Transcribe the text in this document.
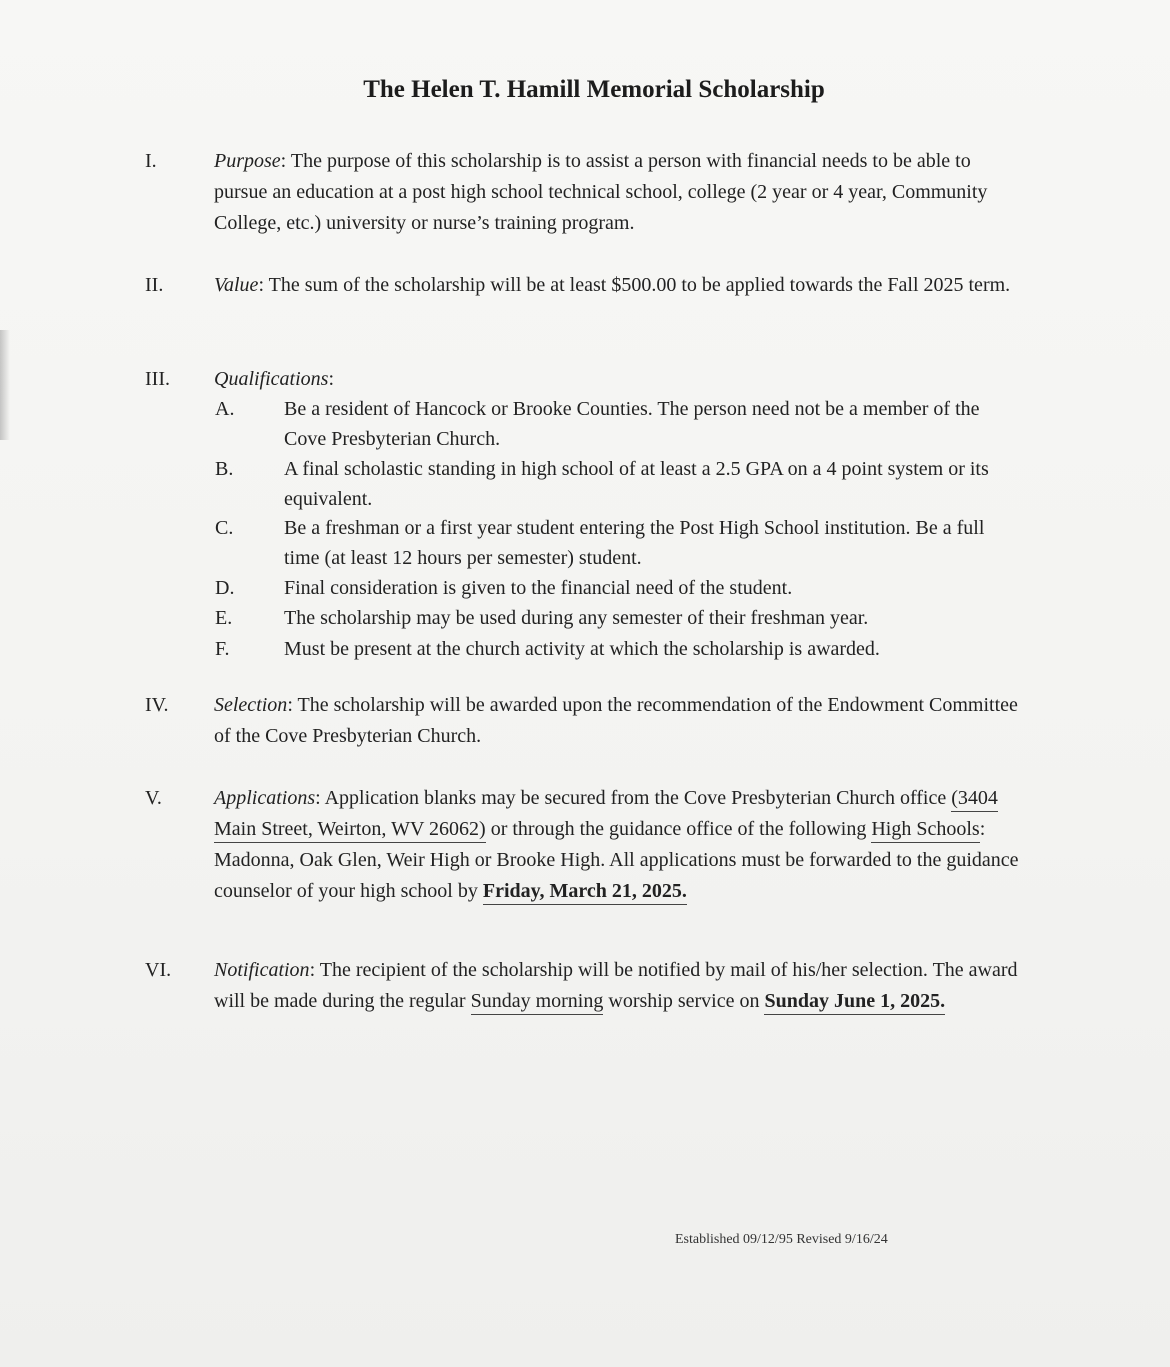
The Helen T. Hamill Memorial Scholarship
I.	Purpose: The purpose of this scholarship is to assist a person with financial needs to be able to pursue an education at a post high school technical school, college (2 year or 4 year, Community College, etc.) university or nurse’s training program.
II.	Value: The sum of the scholarship will be at least $500.00 to be applied towards the Fall 2025 term.
III.	Qualifications:
A.	Be a resident of Hancock or Brooke Counties. The person need not be a member of the Cove Presbyterian Church.
B.	A final scholastic standing in high school of at least a 2.5 GPA on a 4 point system or its equivalent.
C.	Be a freshman or a first year student entering the Post High School institution. Be a full time (at least 12 hours per semester) student.
D.	Final consideration is given to the financial need of the student.
E.	The scholarship may be used during any semester of their freshman year.
F.	Must be present at the church activity at which the scholarship is awarded.
IV.	Selection: The scholarship will be awarded upon the recommendation of the Endowment Committee of the Cove Presbyterian Church.
V.	Applications: Application blanks may be secured from the Cove Presbyterian Church office (3404 Main Street, Weirton, WV 26062) or through the guidance office of the following High Schools: Madonna, Oak Glen, Weir High or Brooke High. All applications must be forwarded to the guidance counselor of your high school by Friday, March 21, 2025.
VI.	Notification: The recipient of the scholarship will be notified by mail of his/her selection. The award will be made during the regular Sunday morning worship service on Sunday June 1, 2025.
Established 09/12/95 Revised 9/16/24
